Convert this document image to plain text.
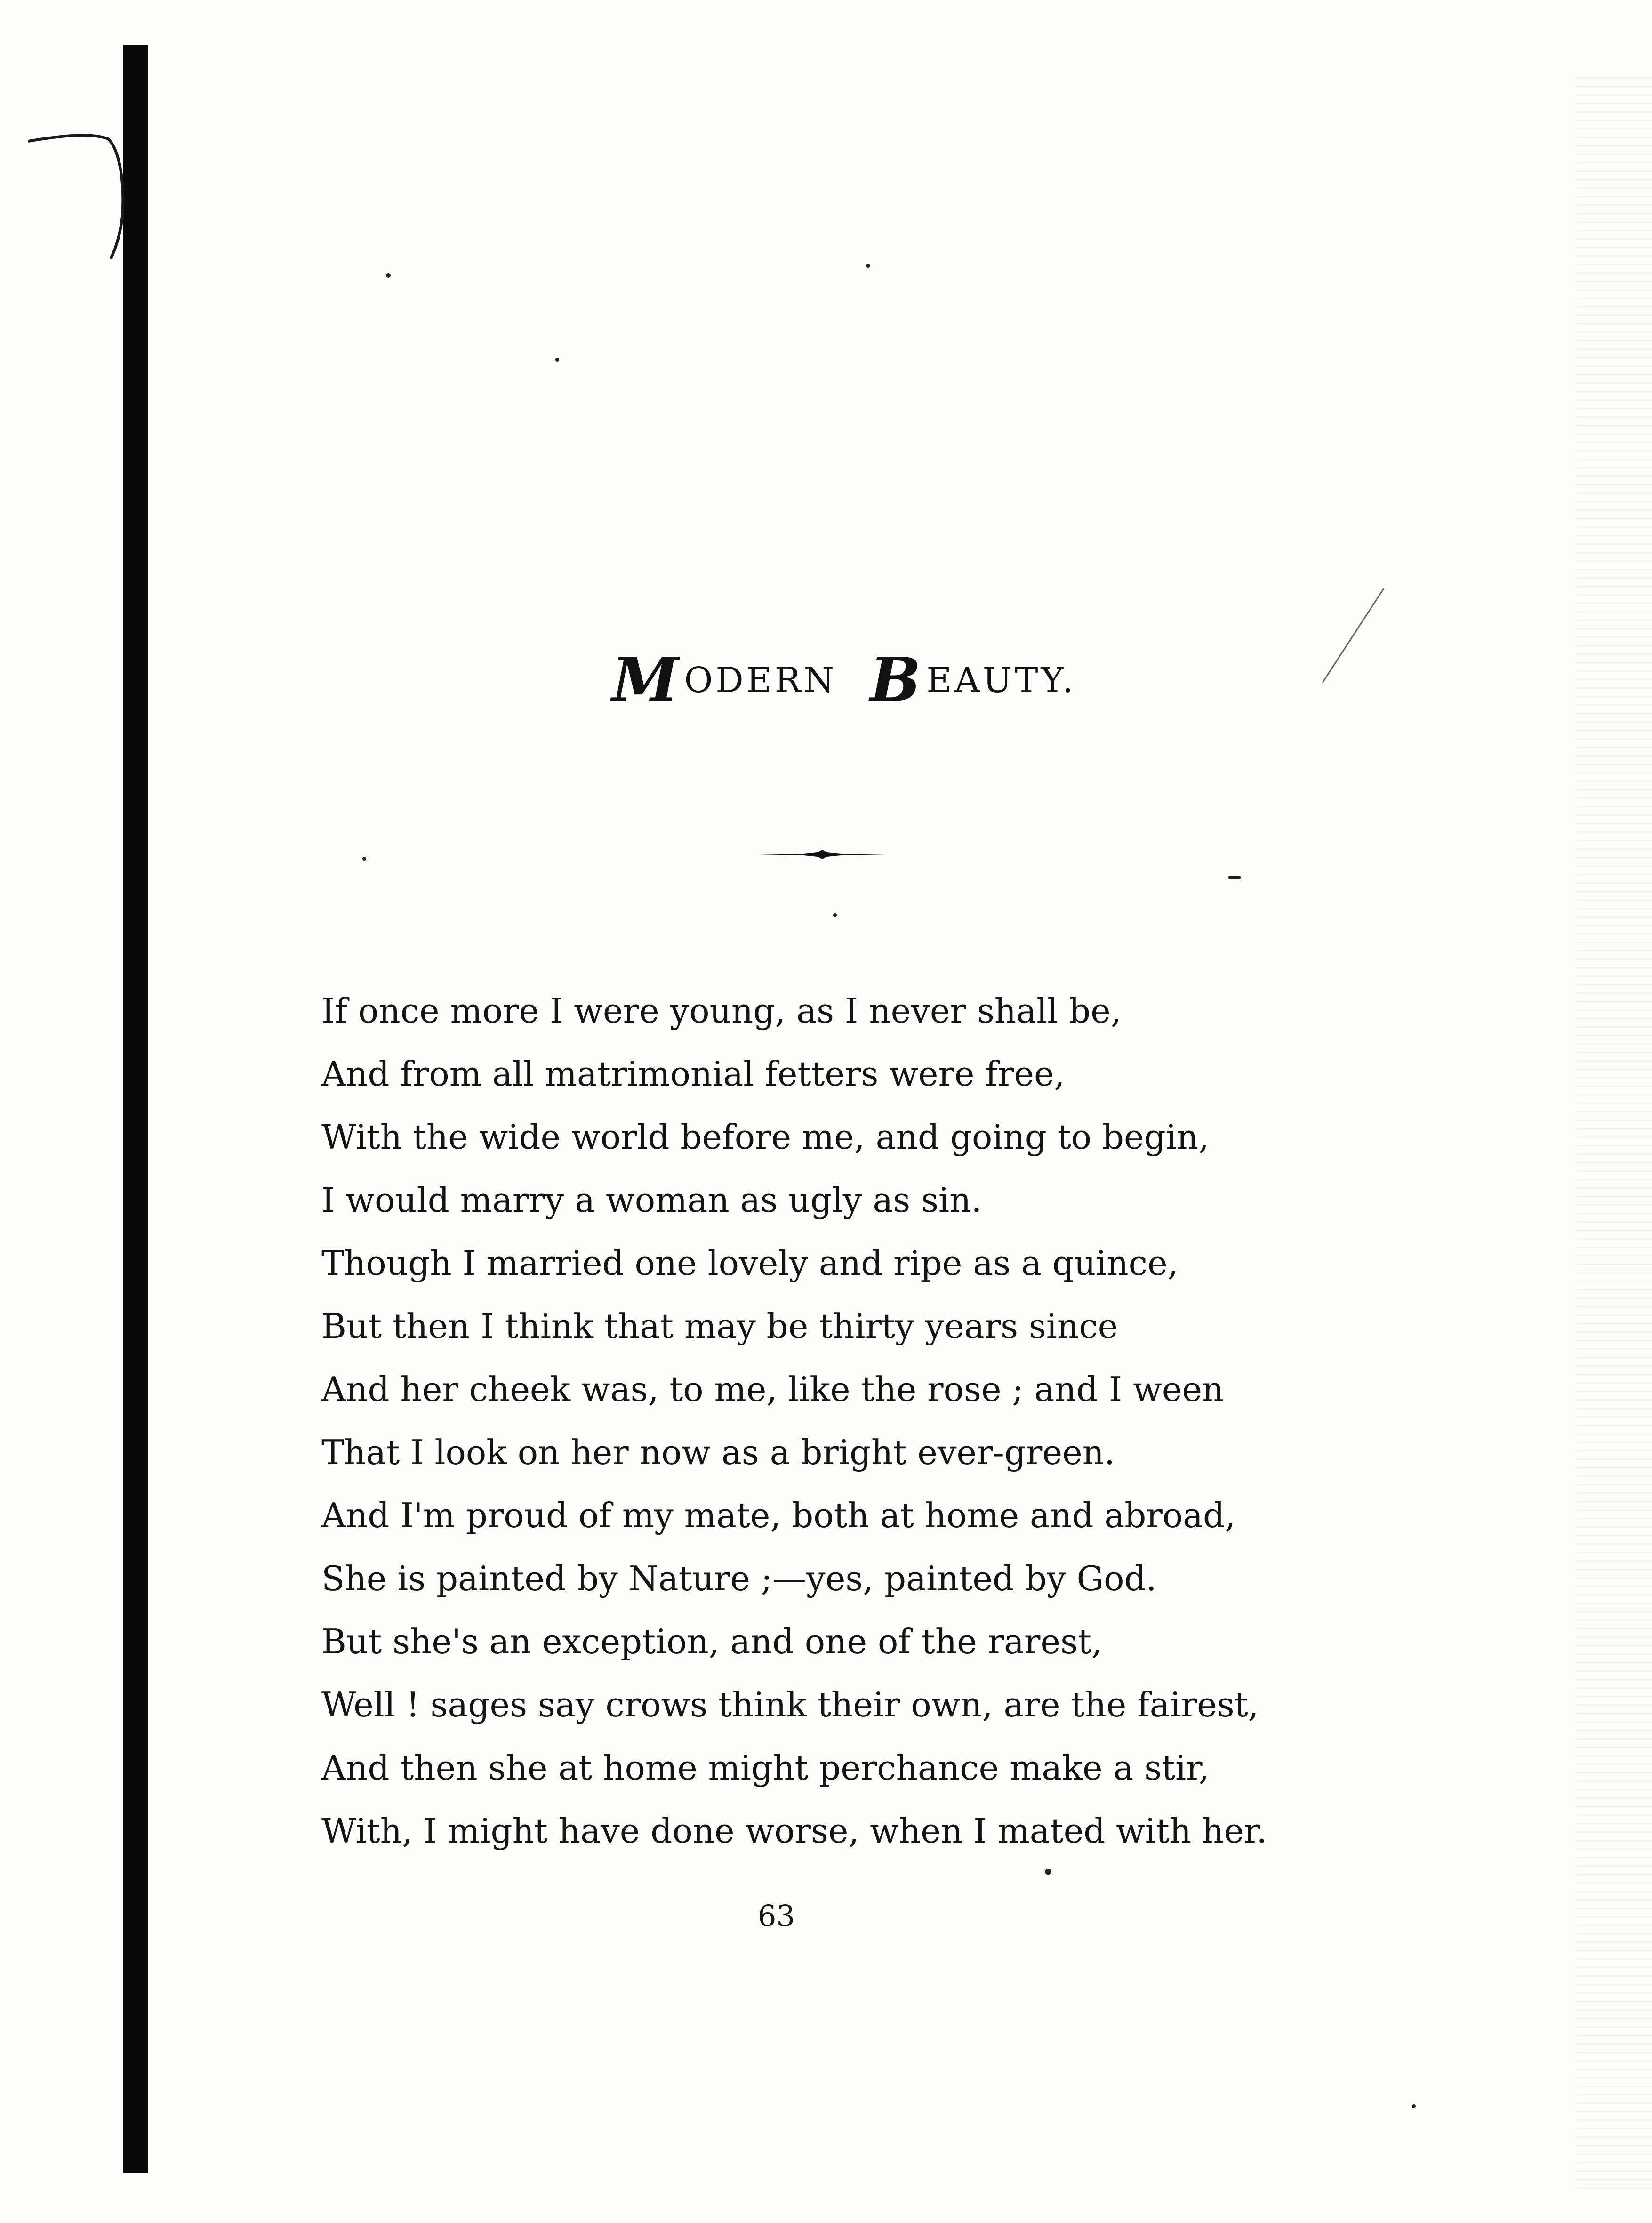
M ODERN B EAUTY.
If once more I were young, as I never shall be,
And from all matrimonial fetters were free,
With the wide world before me, and going to begin,
I would marry a woman as ugly as sin.
Though I married one lovely and ripe as a quince,
But then I think that may be thirty years since
And her cheek was, to me, like the rose ; and I ween
That I look on her now as a bright ever-green.
And I'm proud of my mate, both at home and abroad,
She is painted by Nature ;—yes, painted by God.
But she's an exception, and one of the rarest,
Well ! sages say crows think their own, are the fairest,
And then she at home might perchance make a stir,
With, I might have done worse, when I mated with her.
63
